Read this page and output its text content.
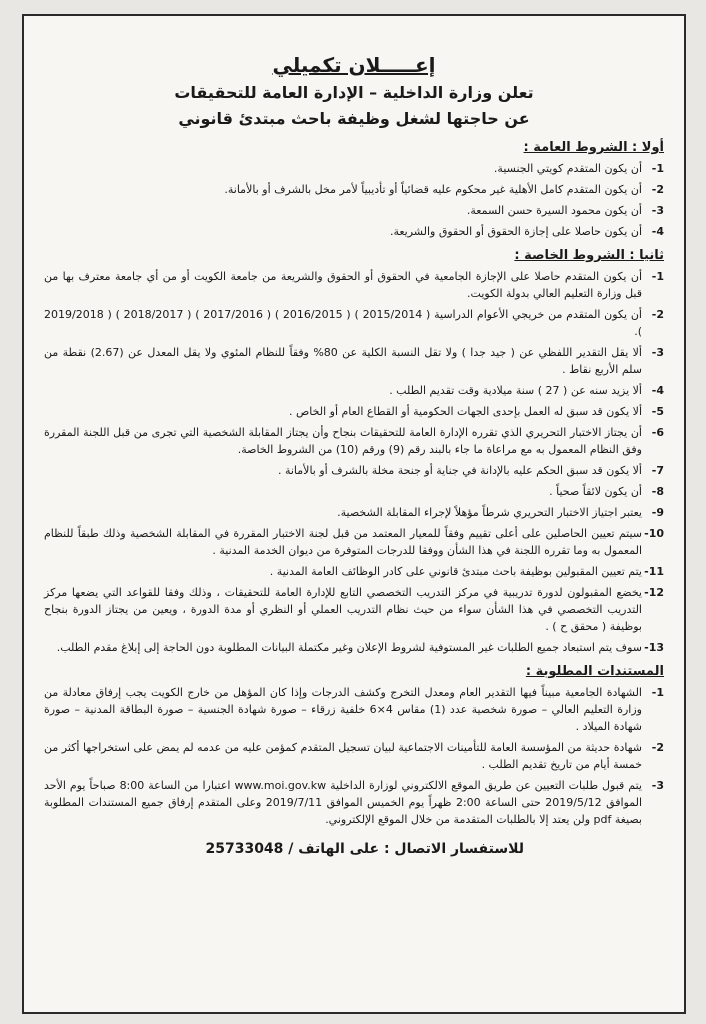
إعـــــلان تكميلي
تعلن وزارة الداخلية – الإدارة العامة للتحقيقات
عن حاجتها لشغل وظيفة باحث مبتدئ قانوني
أولا : الشروط العامة :
1-
أن يكون المتقدم كويتي الجنسية.
2-
أن يكون المتقدم كامل الأهلية غير محكوم عليه قضائياً أو تأديبياً لأمر مخل بالشرف أو بالأمانة.
3-
أن يكون محمود السيرة حسن السمعة.
4-
أن يكون حاصلا على إجازة الحقوق أو الحقوق والشريعة.
ثانيا : الشروط الخاصة :
1-
أن يكون المتقدم حاصلا على الإجازة الجامعية في الحقوق أو الحقوق والشريعة من جامعة الكويت أو من أي جامعة معترف بها من قبل وزارة التعليم العالي بدولة الكويت.
2-
أن يكون المتقدم من خريجي الأعوام الدراسية ( 2015/2014 ) ( 2016/2015 ) ( 2017/2016 ) ( 2018/2017 ) ( 2019/2018 ).
3-
ألا يقل التقدير اللفظي عن ( جيد جدا ) ولا تقل النسبة الكلية عن 80% وفقاً للنظام المئوي ولا يقل المعدل عن (2.67) نقطة من سلم الأربع نقاط .
4-
ألا يزيد سنه عن ( 27 ) سنة ميلادية وقت تقديم الطلب .
5-
ألا يكون قد سبق له العمل بإحدى الجهات الحكومية أو القطاع العام أو الخاص .
6-
أن يجتاز الاختبار التحريري الذي تقرره الإدارة العامة للتحقيقات بنجاح وأن يجتاز المقابلة الشخصية التي تجرى من قبل اللجنة المقررة وفق النظام المعمول به مع مراعاة ما جاء بالبند رقم (9) ورقم (10) من الشروط الخاصة.
7-
ألا يكون قد سبق الحكم عليه بالإدانة في جناية أو جنحة مخلة بالشرف أو بالأمانة .
8-
أن يكون لائقاً صحياً .
9-
يعتبر اجتياز الاختبار التحريري شرطاً مؤهلاً لإجراء المقابلة الشخصية.
10-
سيتم تعيين الحاصلين على أعلى تقييم وفقاً للمعيار المعتمد من قبل لجنة الاختبار المقررة في المقابلة الشخصية وذلك طبقاً للنظام المعمول به وما تقرره اللجنة في هذا الشأن ووفقا للدرجات المتوفرة من ديوان الخدمة المدنية .
11-
يتم تعيين المقبولين بوظيفة باحث مبتدئ قانوني على كادر الوظائف العامة المدنية .
12-
يخضع المقبولون لدورة تدريبية في مركز التدريب التخصصي التابع للإدارة العامة للتحقيقات ، وذلك وفقا للقواعد التي يضعها مركز التدريب التخصصي في هذا الشأن سواء من حيث نظام التدريب العملي أو النظري أو مدة الدورة ، ويعين من يجتاز الدورة بنجاح بوظيفة ( محقق ح ) .
13-
سوف يتم استبعاد جميع الطلبات غير المستوفية لشروط الإعلان وغير مكتملة البيانات المطلوبة دون الحاجة إلى إبلاغ مقدم الطلب.
المستندات المطلوبة :
1-
الشهادة الجامعية مبيناً فيها التقدير العام ومعدل التخرج وكشف الدرجات وإذا كان المؤهل من خارج الكويت يجب إرفاق معادلة من وزارة التعليم العالي – صورة شخصية عدد (1) مقاس 4×6 خلفية زرقاء – صورة شهادة الجنسية – صورة البطاقة المدنية – صورة شهادة الميلاد .
2-
شهادة حديثة من المؤسسة العامة للتأمينات الاجتماعية لبيان تسجيل المتقدم كمؤمن عليه من عدمه لم يمض على استخراجها أكثر من خمسة أيام من تاريخ تقديم الطلب .
3-
يتم قبول طلبات التعيين عن طريق الموقع الالكتروني لوزارة الداخلية www.moi.gov.kw اعتبارا من الساعة 8:00 صباحاً يوم الأحد الموافق 2019/5/12 حتى الساعة 2:00 ظهراً يوم الخميس الموافق 2019/7/11 وعلى المتقدم إرفاق جميع المستندات المطلوبة بصيغة pdf ولن يعتد إلا بالطلبات المتقدمة من خلال الموقع الإلكتروني.
للاستفسار الاتصال : على الهاتف / 25733048
